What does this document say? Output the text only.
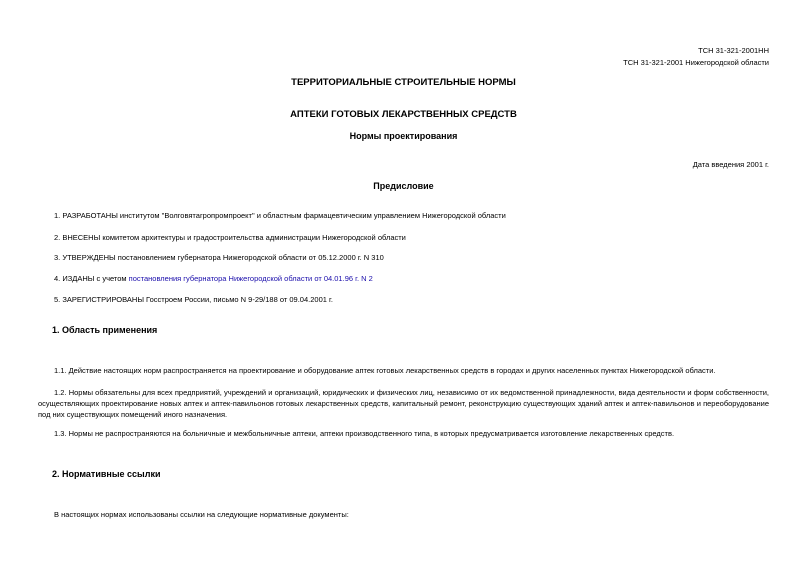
ТСН 31-321-2001НН
ТСН 31-321-2001 Нижегородской области
ТЕРРИТОРИАЛЬНЫЕ СТРОИТЕЛЬНЫЕ НОРМЫ
АПТЕКИ ГОТОВЫХ ЛЕКАРСТВЕННЫХ СРЕДСТВ
Нормы проектирования
Дата введения 2001 г.
Предисловие
1. РАЗРАБОТАНЫ институтом "Волговятагропромпроект" и областным фармацевтическим управлением Нижегородской области
2. ВНЕСЕНЫ комитетом архитектуры и градостроительства администрации Нижегородской области
3. УТВЕРЖДЕНЫ постановлением губернатора Нижегородской области от 05.12.2000 г. N 310
4. ИЗДАНЫ с учетом постановления губернатора Нижегородской области от 04.01.96 г. N 2
5. ЗАРЕГИСТРИРОВАНЫ Госстроем России, письмо N 9-29/188 от 09.04.2001 г.
1. Область применения
1.1. Действие настоящих норм распространяется на проектирование и оборудование аптек готовых лекарственных средств в городах и других населенных пунктах Нижегородской области.
1.2. Нормы обязательны для всех предприятий, учреждений и организаций, юридических и физических лиц, независимо от их ведомственной принадлежности, вида деятельности и форм собственности, осуществляющих проектирование новых аптек и аптек-павильонов готовых лекарственных средств, капитальный ремонт, реконструкцию существующих зданий аптек и аптек-павильонов и переоборудование под них существующих помещений иного назначения.
1.3. Нормы не распространяются на больничные и межбольничные аптеки, аптеки производственного типа, в которых предусматривается изготовление лекарственных средств.
2. Нормативные ссылки
В настоящих нормах использованы ссылки на следующие нормативные документы:
